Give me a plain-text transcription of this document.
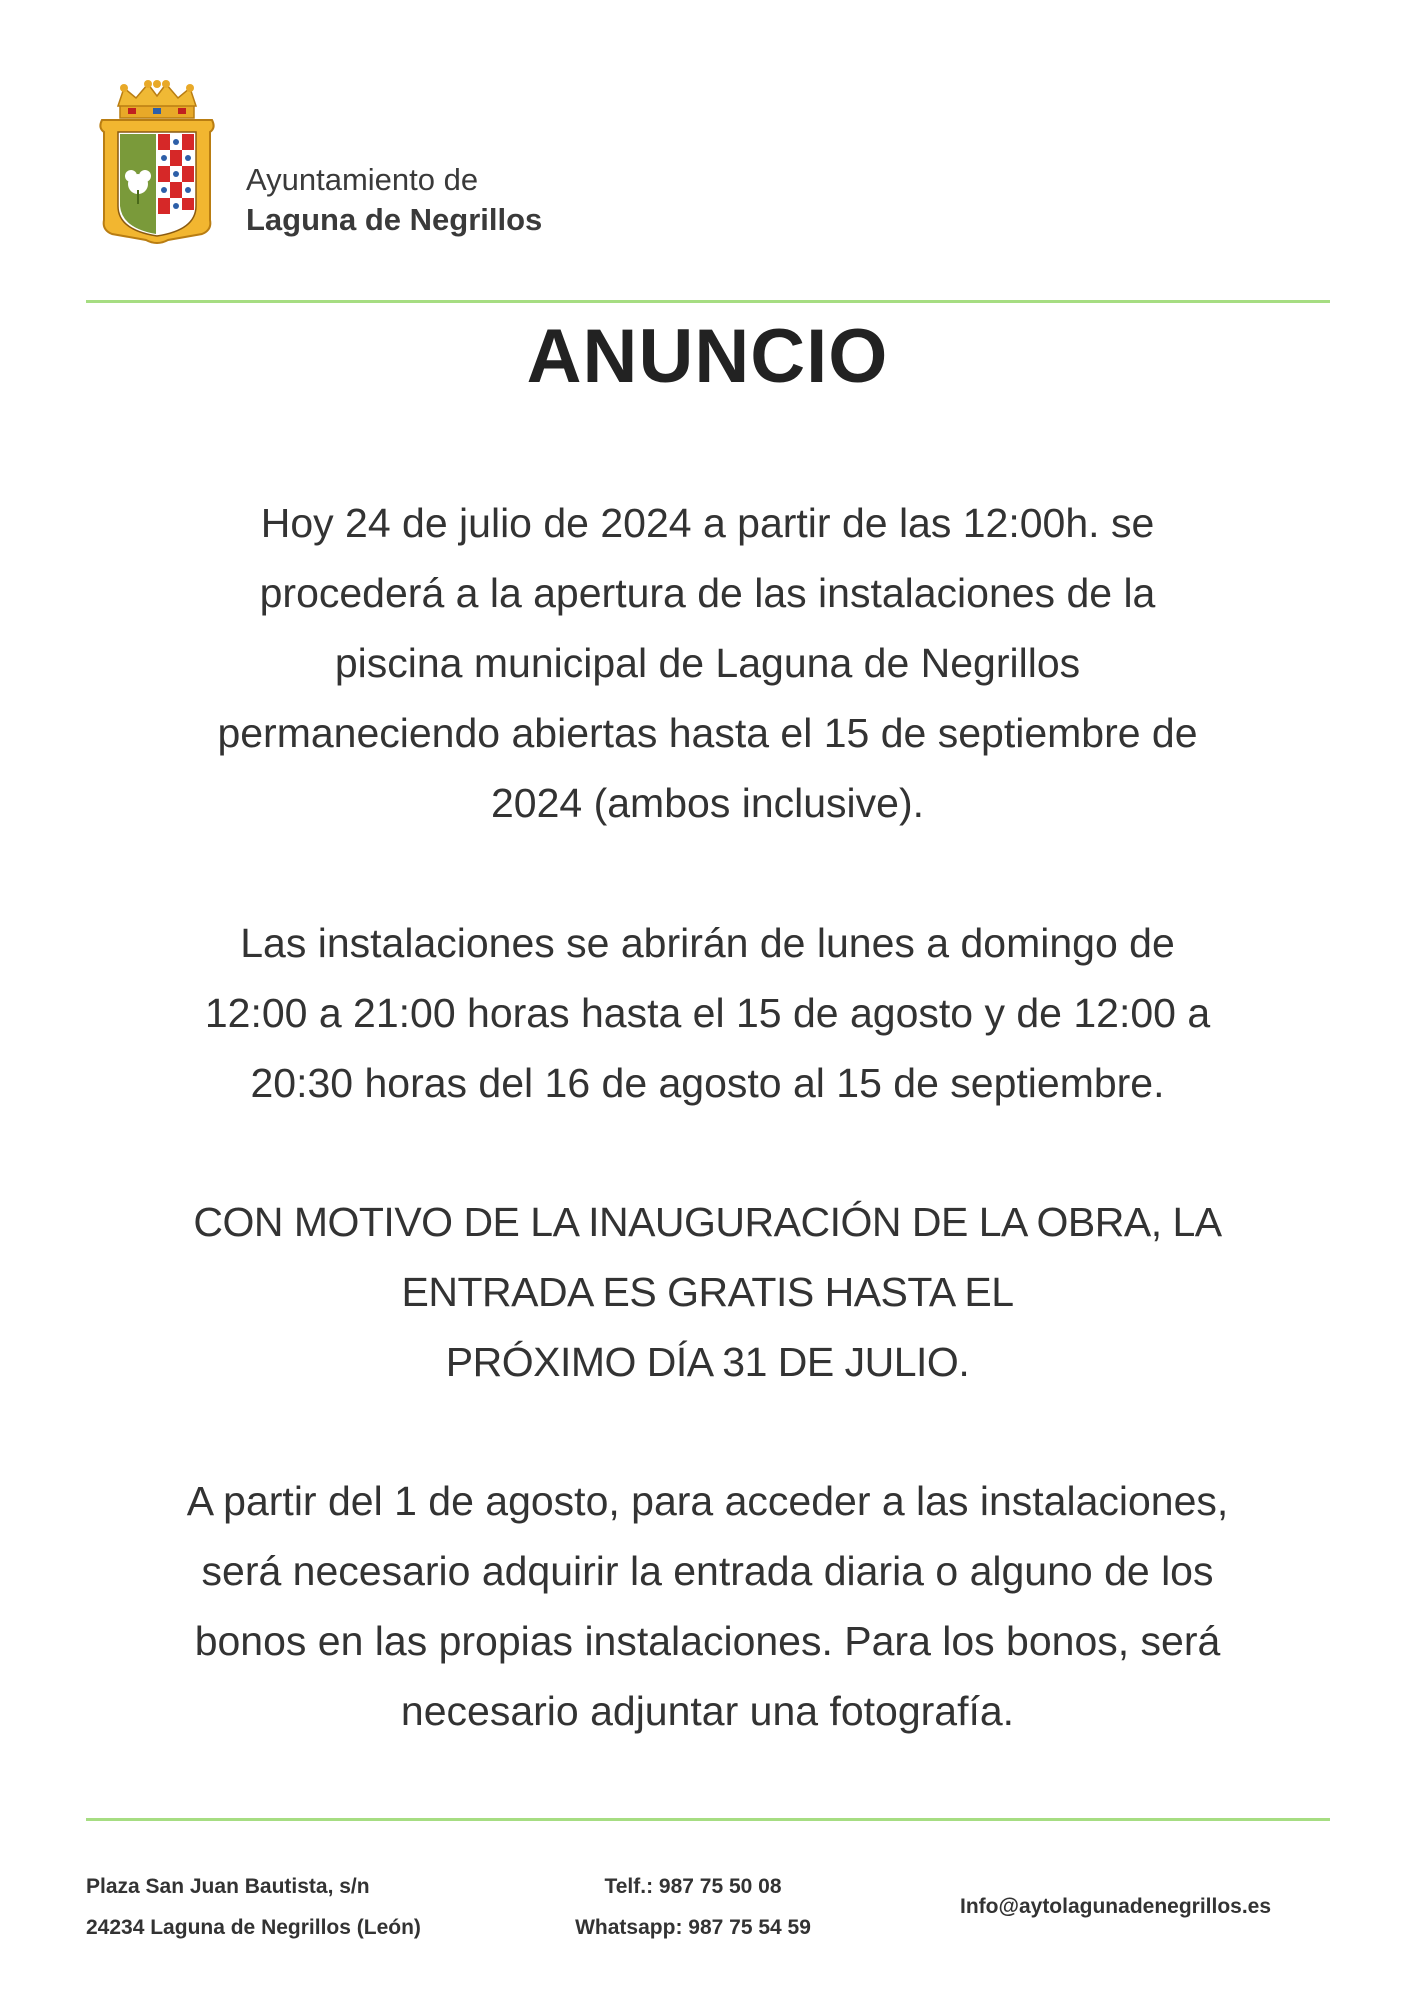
Ayuntamiento de
Laguna de Negrillos
ANUNCIO

Hoy 24 de julio de 2024 a partir de las 12:00h. se
procederá a la apertura de las instalaciones de la
piscina municipal de Laguna de Negrillos
permaneciendo abiertas hasta el 15 de septiembre de
2024 (ambos inclusive).

Las instalaciones se abrirán de lunes a domingo de
12:00 a 21:00 horas hasta el 15 de agosto y de 12:00 a
20:30 horas del 16 de agosto al 15 de septiembre.

CON MOTIVO DE LA INAUGURACIÓN DE LA OBRA, LA
ENTRADA ES GRATIS HASTA EL
PRÓXIMO DÍA 31 DE JULIO.

A partir del 1 de agosto, para acceder a las instalaciones,
será necesario adquirir la entrada diaria o alguno de los
bonos en las propias instalaciones. Para los bonos, será
necesario adjuntar una fotografía.

Plaza San Juan Bautista, s/n
24234 Laguna de Negrillos (León)
Telf.: 987 75 50 08
Whatsapp: 987 75 54 59
Info@aytolagunadenegrillos.es
